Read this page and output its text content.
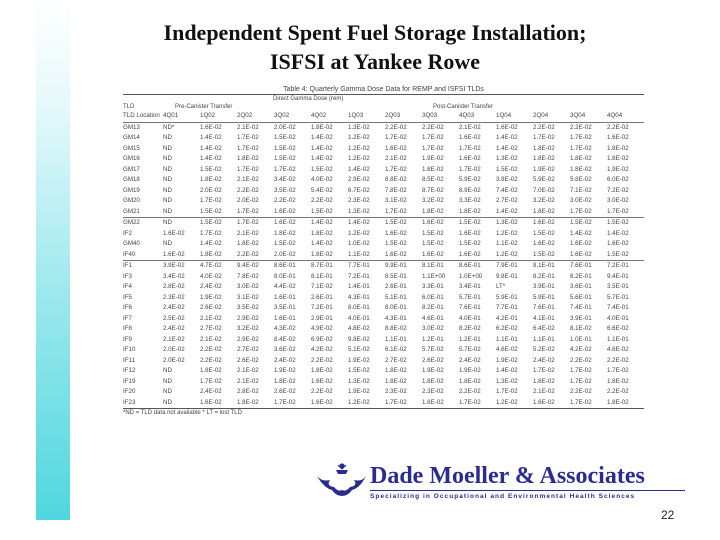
Independent Spent Fuel Storage Installation;
ISFSI at Yankee Rowe
Table 4: Quarterly Gamma Dose Data for REMP and ISFSI TLDs
Direct Gamma Dose (rem)
TLD	Pre-Canister Transfer	Post-Canister Transfer
TLD Location	4Q01	1Q02	2Q02	3Q02	4Q02	1Q03	2Q03	3Q03	4Q03	1Q04	2Q04	3Q04	4Q04
GM13	ND*	1.6E-02	2.1E-02	2.0E-02	1.8E-02	1.3E-02	2.2E-02	2.2E-02	2.1E-02	1.6E-02	2.2E-02	2.2E-02	2.2E-02
GM14	ND	1.4E-02	1.7E-02	1.5E-02	1.4E-02	1.2E-02	1.7E-02	1.7E-02	1.6E-02	1.4E-02	1.7E-02	1.7E-02	1.6E-02
GM15	ND	1.4E-02	1.7E-02	1.5E-02	1.4E-02	1.2E-02	1.6E-02	1.7E-02	1.7E-02	1.4E-02	1.8E-02	1.7E-02	1.8E-02
GM16	ND	1.4E-02	1.8E-02	1.5E-02	1.4E-02	1.2E-02	2.1E-02	1.9E-02	1.6E-02	1.3E-02	1.8E-02	1.8E-02	1.8E-02
GM17	ND	1.5E-02	1.7E-02	1.7E-02	1.5E-02	1.4E-02	1.7E-02	1.8E-02	1.7E-02	1.5E-02	1.9E-02	1.8E-02	1.9E-02
GM18	ND	1.8E-02	2.1E-02	3.4E-02	4.0E-02	2.9E-02	8.8E-02	8.5E-02	5.9E-02	3.8E-02	5.9E-02	5.8E-02	6.0E-02
GM19	ND	2.0E-02	2.2E-02	3.5E-02	5.4E-02	6.7E-02	7.8E-02	8.7E-02	8.9E-02	7.4E-02	7.0E-02	7.1E-02	7.2E-02
GM20	ND	1.7E-02	2.0E-02	2.2E-02	2.2E-02	2.3E-02	3.1E-02	3.2E-02	3.3E-02	2.7E-02	3.2E-02	3.0E-02	3.0E-02
GM21	ND	1.5E-02	1.7E-02	1.6E-02	1.5E-02	1.3E-02	1.7E-02	1.8E-02	1.8E-02	1.4E-02	1.8E-02	1.7E-02	1.7E-02
GM22	ND	1.5E-02	1.7E-02	1.6E-02	1.4E-02	1.4E-02	1.5E-02	1.6E-02	1.5E-02	1.3E-02	1.6E-02	1.5E-02	1.5E-02
IF2	1.6E-02	1.7E-02	2.1E-02	1.8E-02	1.8E-02	1.2E-02	1.6E-02	1.5E-02	1.6E-02	1.2E-02	1.5E-02	1.4E-02	1.4E-02
GM40	ND	1.4E-02	1.8E-02	1.5E-02	1.4E-02	1.0E-02	1.5E-02	1.5E-02	1.5E-02	1.1E-02	1.6E-02	1.6E-02	1.6E-02
IF40	1.6E-02	1.8E-02	2.2E-02	2.0E-02	1.8E-02	1.1E-02	1.6E-02	1.6E-02	1.6E-02	1.2E-02	1.5E-02	1.6E-02	1.5E-02
IF1	3.9E-02	4.7E-02	9.4E-02	8.6E-01	8.7E-01	7.7E-01	9.9E-01	8.1E-01	8.6E-01	7.9E-01	8.1E-01	7.6E-01	7.2E-01
IF3	3.4E-02	4.0E-02	7.8E-02	8.0E-01	8.1E-01	7.2E-01	8.5E-01	1.1E+00	1.0E+00	9.8E-01	8.2E-01	8.2E-01	9.4E-01
IF4	2.8E-02	2.4E-02	3.0E-02	4.4E-02	7.1E-02	1.4E-01	2.6E-01	3.3E-01	3.4E-01	LT*	3.9E-01	3.6E-01	3.5E-01
IF5	2.3E-02	1.9E-02	3.1E-02	1.6E-01	2.6E-01	4.3E-01	5.1E-01	6.0E-01	5.7E-01	5.9E-01	5.9E-01	5.6E-01	5.7E-01
IF6	2.4E-02	2.6E-02	3.5E-02	3.5E-01	7.2E-01	8.0E-01	8.0E-01	8.2E-01	7.6E-01	7.7E-01	7.6E-01	7.4E-01	7.4E-01
IF7	2.5E-02	2.1E-02	2.9E-02	1.6E-01	2.9E-01	4.0E-01	4.3E-01	4.6E-01	4.0E-01	4.2E-01	4.1E-01	3.9E-01	4.0E-01
IF8	2.4E-02	2.7E-02	3.2E-02	4.3E-02	4.9E-02	4.8E-02	8.8E-02	3.0E-02	8.2E-02	6.2E-02	6.4E-02	8.1E-02	6.6E-02
IF9	2.1E-02	2.1E-02	2.9E-02	8.4E-02	6.9E-02	9.8E-02	1.1E-01	1.2E-01	1.2E-01	1.1E-01	1.1E-01	1.0E-01	1.1E-01
IF10	2.0E-02	2.2E-02	2.7E-02	3.6E-02	4.2E-02	5.1E-02	6.1E-02	5.7E-02	5.7E-02	4.6E-02	5.2E-02	4.2E-02	4.6E-02
IF11	2.0E-02	2.2E-02	2.6E-02	2.4E-02	2.2E-02	1.9E-02	2.7E-02	2.6E-02	2.4E-02	1.9E-02	2.4E-02	2.2E-02	2.2E-02
IF12	ND	1.8E-02	2.1E-02	1.9E-02	1.8E-02	1.5E-02	1.8E-02	1.9E-02	1.9E-02	1.4E-02	1.7E-02	1.7E-02	1.7E-02
IF19	ND	1.7E-02	2.1E-02	1.8E-02	1.6E-02	1.3E-02	1.8E-02	1.8E-02	1.8E-02	1.3E-02	1.8E-02	1.7E-02	1.8E-02
IF20	ND	2.4E-02	2.8E-02	2.6E-02	2.2E-02	1.9E-02	2.3E-02	2.3E-02	2.2E-02	1.7E-02	2.1E-02	2.2E-02	2.2E-02
IF23	ND	1.6E-02	1.8E-02	1.7E-02	1.6E-02	1.2E-02	1.7E-02	1.8E-02	1.7E-02	1.2E-02	1.6E-02	1.7E-02	1.8E-02
*ND = TLD data not available * LT = lost TLD
Dade Moeller & Associates
Specializing in Occupational and Environmental Health Sciences
22
